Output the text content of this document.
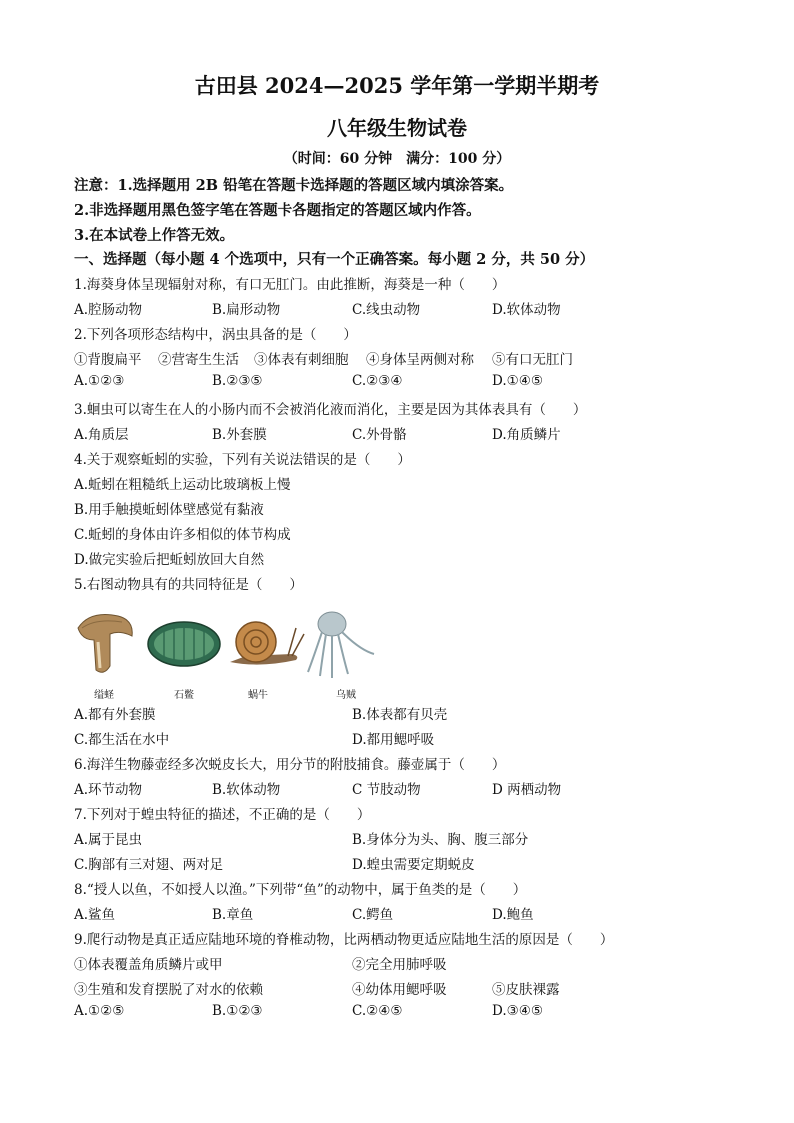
古田县 2024—2025 学年第一学期半期考
八年级生物试卷
（时间：60 分钟　满分：100 分）
注意：1.选择题用 2B 铅笔在答题卡选择题的答题区域内填涂答案。
2.非选择题用黑色签字笔在答题卡各题指定的答题区域内作答。
3.在本试卷上作答无效。
一、选择题（每小题 4 个选项中，只有一个正确答案。每小题 2 分，共 50 分）
1.海葵身体呈现辐射对称，有口无肛门。由此推断，海葵是一种（　　）
A.腔肠动物	B.扁形动物	C.线虫动物	D.软体动物
2.下列各项形态结构中，涡虫具备的是（　　）
①背腹扁平 ②营寄生生活 ③体表有刺细胞 ④身体呈两侧对称 ⑤有口无肛门
A.①②③	B.②③⑤	C.②③④	D.①④⑤
3.蛔虫可以寄生在人的小肠内而不会被消化液而消化，主要是因为其体表具有（　　）
A.角质层	B.外套膜	C.外骨骼	D.角质鳞片
4.关于观察蚯蚓的实验，下列有关说法错误的是（　　）
A.蚯蚓在粗糙纸上运动比玻璃板上慢
B.用手触摸蚯蚓体壁感觉有黏液
C.蚯蚓的身体由许多相似的体节构成
D.做完实验后把蚯蚓放回大自然
5.右图动物具有的共同特征是（　　）
缢蛏	石鳖	蜗牛	乌贼
A.都有外套膜	B.体表都有贝壳
C.都生活在水中	D.都用鳃呼吸
6.海洋生物藤壶经多次蜕皮长大，用分节的附肢捕食。藤壶属于（　　）
A.环节动物	B.软体动物	C 节肢动物	D 两栖动物
7.下列对于蝗虫特征的描述，不正确的是（　　）
A.属于昆虫	B.身体分为头、胸、腹三部分
C.胸部有三对翅、两对足	D.蝗虫需要定期蜕皮
8.“授人以鱼，不如授人以渔。”下列带“鱼”的动物中，属于鱼类的是（　　）
A.鲨鱼	B.章鱼	C.鳄鱼	D.鲍鱼
9.爬行动物是真正适应陆地环境的脊椎动物，比两栖动物更适应陆地生活的原因是（　　）
①体表覆盖角质鳞片或甲	②完全用肺呼吸
③生殖和发育摆脱了对水的依赖	④幼体用鳃呼吸	⑤皮肤裸露
A.①②⑤	B.①②③	C.②④⑤	D.③④⑤
